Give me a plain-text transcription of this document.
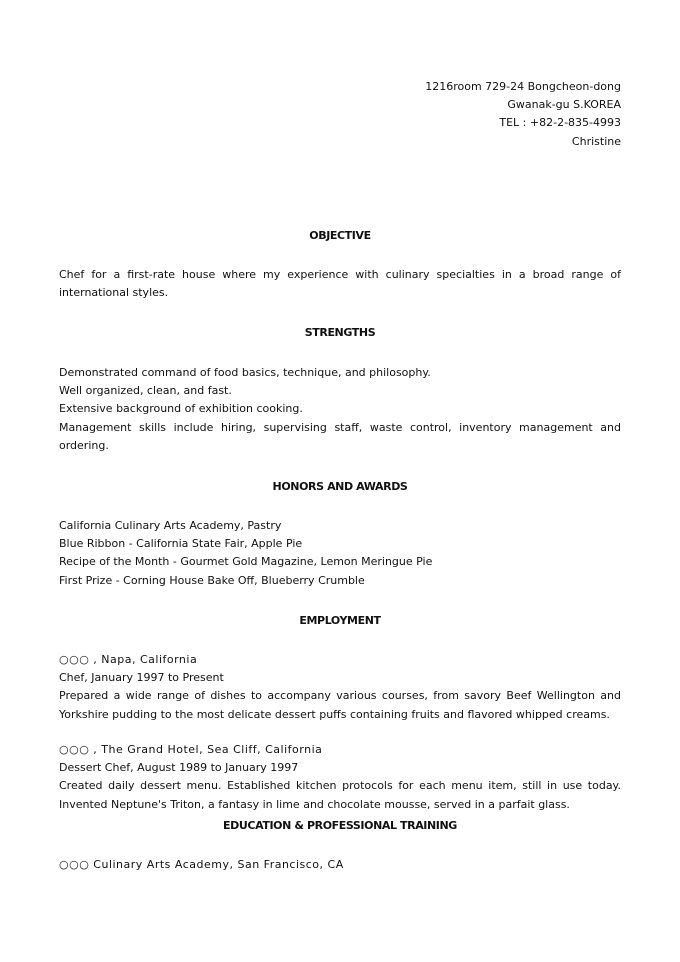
1216room 729-24 Bongcheon-dong
Gwanak-gu S.KOREA
TEL : +82-2-835-4993
Christine
OBJECTIVE
Chef for a first-rate house where my experience with culinary specialties in a broad range of international styles.
STRENGTHS
Demonstrated command of food basics, technique, and philosophy.
Well organized, clean, and fast.
Extensive background of exhibition cooking.
Management skills include hiring, supervising staff, waste control, inventory management and ordering.
HONORS AND AWARDS
California Culinary Arts Academy, Pastry
Blue Ribbon - California State Fair, Apple Pie
Recipe of the Month - Gourmet Gold Magazine, Lemon Meringue Pie
First Prize - Corning House Bake Off, Blueberry Crumble
EMPLOYMENT
○○○ , Napa, California
Chef, January 1997 to Present
Prepared a wide range of dishes to accompany various courses, from savory Beef Wellington and Yorkshire pudding to the most delicate dessert puffs containing fruits and flavored whipped creams.
○○○ , The Grand Hotel, Sea Cliff, California
Dessert Chef, August 1989 to January 1997
Created daily dessert menu. Established kitchen protocols for each menu item, still in use today. Invented Neptune's Triton, a fantasy in lime and chocolate mousse, served in a parfait glass.
EDUCATION & PROFESSIONAL TRAINING
○○○ Culinary Arts Academy, San Francisco, CA
